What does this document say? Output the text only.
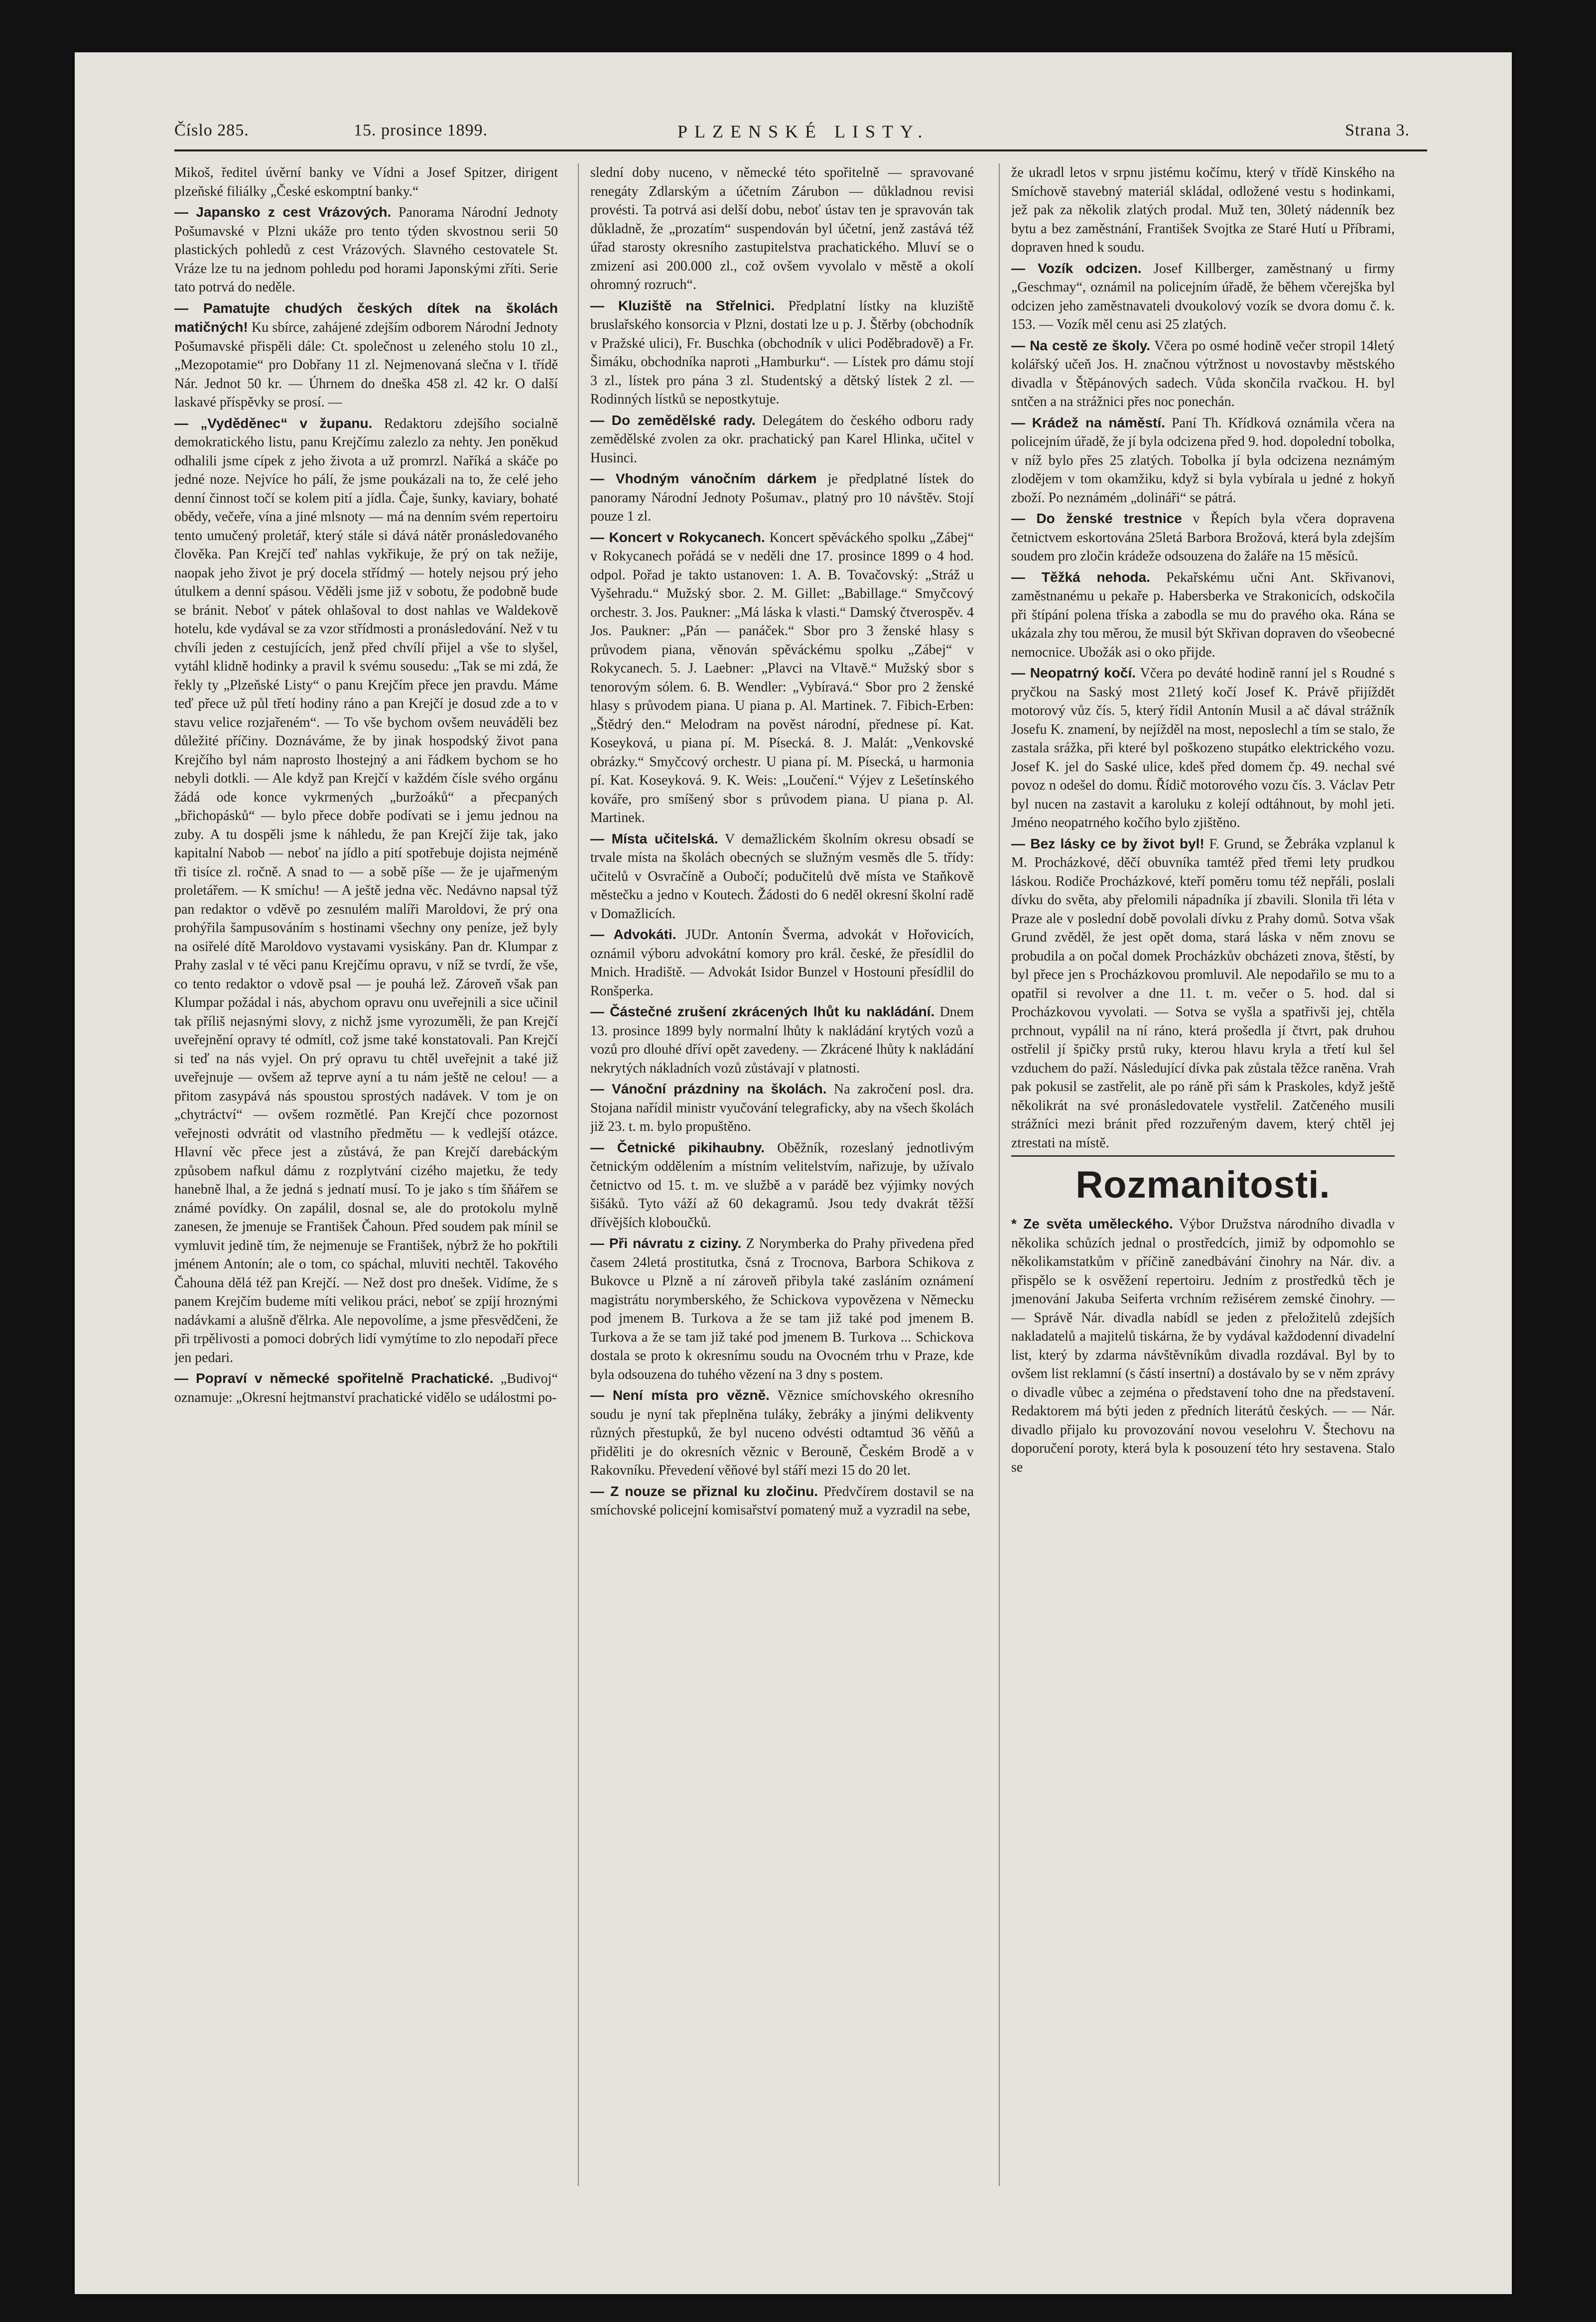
Číslo 285.	15. prosince 1899.	PLZENSKÉ LISTY.	Strana 3.

Mikoš, ředitel úvěrní banky ve Vídni a Josef Spitzer, dirigent plzeňské filiálky „České eskomptní banky.“

— Japansko z cest Vrázových. Panorama Národní Jednoty Pošumavské v Plzni ukáže pro tento týden skvostnou serii 50 plastických pohledů z cest Vrázových. Slavného cestovatele St. Vráze lze tu na jednom pohledu pod horami Japonskými zříti. Serie tato potrvá do neděle.

— Pamatujte chudých českých dítek na školách matičných! Ku sbírce, zahájené zdejším odborem Národní Jednoty Pošumavské přispěli dále: Ct. společnost u zeleného stolu 10 zl., „Mezopotamie“ pro Dobřany 11 zl. Nejmenovaná slečna v I. třídě Nár. Jednot 50 kr. — Úhrnem do dneška 458 zl. 42 kr. O další laskavé příspěvky se prosí. —

— „Vyděděnec“ v županu. Redaktoru zdejšího socialně demokratického listu, panu Krejčímu zalezlo za nehty. Jen poněkud odhalili jsme cípek z jeho života a už promrzl. Naříká a skáče po jedné noze. Nejvíce ho pálí, že jsme poukázali na to, že celé jeho denní činnost točí se kolem pití a jídla. Čaje, šunky, kaviary, bohaté obědy, večeře, vína a jiné mlsnoty — má na denním svém repertoiru tento umučený proletář, který stále si dává nátěr pronásledovaného člověka. Pan Krejčí teď nahlas vykřikuje, že prý on tak nežije, naopak jeho život je prý docela střídmý — hotely nejsou prý jeho útulkem a denní spásou. Věděli jsme již v sobotu, že podobně bude se bránit. Neboť v pátek ohlašoval to dost nahlas ve Waldekově hotelu, kde vydával se za vzor střídmosti a pronásledování. Než v tu chvíli jeden z cestujících, jenž před chvílí přijel a vše to slyšel, vytáhl klidně hodinky a pravil k svému sousedu: „Tak se mi zdá, že řekly ty „Plzeňské Listy“ o panu Krejčím přece jen pravdu. Máme teď přece už půl třetí hodiny ráno a pan Krejčí je dosud zde a to v stavu velice rozjařeném“. — To vše bychom ovšem neuváděli bez důležité příčiny. Doznáváme, že by jinak hospodský život pana Krejčího byl nám naprosto lhostejný a ani řádkem bychom se ho nebyli dotkli. — Ale když pan Krejčí v každém čísle svého orgánu žádá ode konce vykrmených „buržoáků“ a přecpaných „břichopásků“ — bylo přece dobře podívati se i jemu jednou na zuby. A tu dospěli jsme k náhledu, že pan Krejčí žije tak, jako kapitalní Nabob — neboť na jídlo a pití spotřebuje dojista nejméně tři tisíce zl. ročně. A snad to — a sobě píše — že je ujařmeným proletářem. — K smíchu! — A ještě jedna věc. Nedávno napsal týž pan redaktor o vděvě po zesnulém malíři Maroldovi, že prý ona prohýřila šampusováním s hostinami všechny ony peníze, jež byly na osiřelé dítě Maroldovo vystavami vysiskány. Pan dr. Klumpar z Prahy zaslal v té věci panu Krejčímu opravu, v níž se tvrdí, že vše, co tento redaktor o vdově psal — je pouhá lež. Zároveň však pan Klumpar požádal i nás, abychom opravu onu uveřejnili a sice učinil tak příliš nejasnými slovy, z nichž jsme vyrozuměli, že pan Krejčí uveřejnění opravy té odmítl, což jsme také konstatovali. Pan Krejčí si teď na nás vyjel. On prý opravu tu chtěl uveřejnit a také již uveřejnuje — ovšem až teprve ayní a tu nám ještě ne celou! — a přitom zasypává nás spoustou sprostých nadávek. V tom je on „chytráctví“ — ovšem rozmětlé. Pan Krejčí chce pozornost veřejnosti odvrátit od vlastního předmětu — k vedlejší otázce. Hlavní věc přece jest a zůstává, že pan Krejčí darebáckým způsobem nafkul dámu z rozplytvání cizého majetku, že tedy hanebně lhal, a že jedná s jednatí musí. To je jako s tím šňářem se známé povídky. On zapálil, dosnal se, ale do protokolu mylně zanesen, že jmenuje se František Čahoun. Před soudem pak mínil se vymluvit jedině tím, že nejmenuje se František, nýbrž že ho pokřtili jménem Antonín; ale o tom, co spáchal, mluviti nechtěl. Takového Čahouna dělá též pan Krejčí. — Než dost pro dnešek. Vidíme, že s panem Krejčím budeme míti velikou práci, neboť se zpíjí hroznými nadávkami a alušně ďělrka. Ale nepovolíme, a jsme přesvědčeni, že při trpělivosti a pomoci dobrých lidí vymýtíme to zlo nepodaří přece jen pedari.

— Popraví v německé spořitelně Prachatické. „Budivoj“ oznamuje: „Okresní hejtmanství prachatické vidělo se událostmi po-

slední doby nuceno, v německé této spořitelně — spravované renegáty Zdlarským a účetním Zárubon — důkladnou revisi provésti. Ta potrvá asi delší dobu, neboť ústav ten je spravován tak důkladně, že „prozatím“ suspendován byl účetní, jenž zastává též úřad starosty okresního zastupitelstva prachatického. Mluví se o zmizení asi 200.000 zl., což ovšem vyvolalo v městě a okolí ohromný rozruch“.

— Kluziště na Střelnici. Předplatní lístky na kluziště bruslařského konsorcia v Plzni, dostati lze u p. J. Štěrby (obchodník v Pražské ulici), Fr. Buschka (obchodník v ulici Poděbradově) a Fr. Šimáku, obchodníka naproti „Hamburku“. — Lístek pro dámu stojí 3 zl., lístek pro pána 3 zl. Studentský a dětský lístek 2 zl. — Rodinných lístků se nepostkytuje.

— Do zemědělské rady. Delegátem do českého odboru rady zemědělské zvolen za okr. prachatický pan Karel Hlinka, učitel v Husinci.

— Vhodným vánočním dárkem je předplatné lístek do panoramy Národní Jednoty Pošumav., platný pro 10 návštěv. Stojí pouze 1 zl.

— Koncert v Rokycanech. Koncert spěváckého spolku „Zábej“ v Rokycanech pořádá se v neděli dne 17. prosince 1899 o 4 hod. odpol. Pořad je takto ustanoven: 1. A. B. Tovačovský: „Stráž u Vyšehradu.“ Mužský sbor. 2. M. Gillet: „Babillage.“ Smyčcový orchestr. 3. Jos. Paukner: „Má láska k vlasti.“ Damský čtverospěv. 4 Jos. Paukner: „Pán — panáček.“ Sbor pro 3 ženské hlasy s průvodem piana, věnován spěváckému spolku „Zábej“ v Rokycanech. 5. J. Laebner: „Plavci na Vltavě.“ Mužský sbor s tenorovým sólem. 6. B. Wendler: „Vybíravá.“ Sbor pro 2 ženské hlasy s průvodem piana. U piana p. Al. Martinek. 7. Fibich-Erben: „Štědrý den.“ Melodram na pověst národní, přednese pí. Kat. Koseyková, u piana pí. M. Písecká. 8. J. Malát: „Venkovské obrázky.“ Smyčcový orchestr. U piana pí. M. Písecká, u harmonia pí. Kat. Koseyková. 9. K. Weis: „Loučení.“ Výjev z Lešetínského kováře, pro smíšený sbor s průvodem piana. U piana p. Al. Martinek.

— Místa učitelská. V demažlickém školním okresu obsadí se trvale místa na školách obecných se služným vesměs dle 5. třídy: učitelů v Osvračíně a Oubočí; podučitelů dvě místa ve Staňkově městečku a jedno v Koutech. Žádosti do 6 neděl okresní školní radě v Domažlicích.

— Advokáti. JUDr. Antonín Šverma, advokát v Hořovicích, oznámil výboru advokátní komory pro král. české, že přesídlil do Mnich. Hradiště. — Advokát Isidor Bunzel v Hostouni přesídlil do Ronšperka.

— Částečné zrušení zkrácených lhůt ku nakládání. Dnem 13. prosince 1899 byly normalní lhůty k nakládání krytých vozů a vozů pro dlouhé dříví opět zavedeny. — Zkrácené lhůty k nakládání nekrytých nákladních vozů zůstávají v platnosti.

— Vánoční prázdniny na školách. Na zakročení posl. dra. Stojana nařídil ministr vyučování telegraficky, aby na všech školách již 23. t. m. bylo propuštěno.

— Četnické pikihaubny. Oběžník, rozeslaný jednotlivým četnickým oddělením a místním velitelstvím, nařizuje, by užívalo četnictvo od 15. t. m. ve službě a v parádě bez výjimky nových šišáků. Tyto váží až 60 dekagramů. Jsou tedy dvakrát těžší dřívějších kloboučků.

— Při návratu z ciziny. Z Norymberka do Prahy přivedena před časem 24letá prostitutka, čsná z Trocnova, Barbora Schikova z Bukovce u Plzně a ní zároveň přibyla také zasláním oznámení magistrátu norymberského, že Schickova vypovězena v Německu pod jmenem B. Turkova a že se tam již také pod jmenem B. Turkova a že se tam již také pod jmenem B. Turkova ... Schickova dostala se proto k okresnímu soudu na Ovocném trhu v Praze, kde byla odsouzena do tuhého vězení na 3 dny s postem.

— Není místa pro vězně. Věznice smíchovského okresního soudu je nyní tak přeplněna tuláky, žebráky a jinými delikventy různých přestupků, že byl nuceno odvésti odtamtud 36 věňů a přiděliti je do okresních věznic v Berouně, Českém Brodě a v Rakovníku. Převedení věňové byl stáří mezi 15 do 20 let.

— Z nouze se přiznal ku zločinu. Předvčírem dostavil se na smíchovské policejní komisařství pomatený muž a vyzradil na sebe,

že ukradl letos v srpnu jistému kočímu, který v třídě Kinského na Smíchově stavebný materiál skládal, odložené vestu s hodinkami, jež pak za několik zlatých prodal. Muž ten, 30letý nádenník bez bytu a bez zaměstnání, František Svojtka ze Staré Hutí u Příbrami, dopraven hned k soudu.

— Vozík odcizen. Josef Killberger, zaměstnaný u firmy „Geschmay“, oznámil na policejním úřadě, že během včerejška byl odcizen jeho zaměstnavateli dvoukolový vozík se dvora domu č. k. 153. — Vozík měl cenu asi 25 zlatých.

— Na cestě ze školy. Včera po osmé hodině večer stropil 14letý kolářský učeň Jos. H. značnou výtržnost u novostavby městského divadla v Štěpánových sadech. Vůda skončila rvačkou. H. byl sntčen a na strážnici přes noc ponechán.

— Krádež na náměstí. Paní Th. Křídková oznámila včera na policejním úřadě, že jí byla odcizena před 9. hod. dopolední tobolka, v níž bylo přes 25 zlatých. Tobolka jí byla odcizena neznámým zlodějem v tom okamžiku, když si byla vybírala u jedné z hokyň zboží. Po neznámém „dolináři“ se pátrá.

— Do ženské trestnice v Řepích byla včera dopravena četnictvem eskortována 25letá Barbora Brožová, která byla zdejším soudem pro zločin krádeže odsouzena do žaláře na 15 měsíců.

— Těžká nehoda. Pekařskému učni Ant. Skřivanovi, zaměstnanému u pekaře p. Habersberka ve Strakonicích, odskočila při štípání polena tříska a zabodla se mu do pravého oka. Rána se ukázala zhy tou měrou, že musil být Skřivan dopraven do všeobecné nemocnice. Ubožák asi o oko přijde.

— Neopatrný kočí. Včera po deváté hodině ranní jel s Roudné s pryčkou na Saský most 21letý kočí Josef K. Právě přijíždět motorový vůz čís. 5, který řídil Antonín Musil a ač dával strážník Josefu K. znamení, by nejížděl na most, neposlechl a tím se stalo, že zastala srážka, při které byl poškozeno stupátko elektrického vozu. Josef K. jel do Saské ulice, kdeš před domem čp. 49. nechal své povoz n odešel do domu. Řídič motorového vozu čís. 3. Václav Petr byl nucen na zastavit a karoluku z kolejí odtáhnout, by mohl jeti. Jméno neopatrného kočího bylo zjištěno.

— Bez lásky ce by život byl! F. Grund, se Žebráka vzplanul k M. Procházkové, děčí obuvníka tamtéž před třemi lety prudkou láskou. Rodiče Procházkové, kteří poměru tomu též nepřáli, poslali dívku do světa, aby přelomili nápadníka jí zbavili. Slonila tři léta v Praze ale v poslední době povolali dívku z Prahy domů. Sotva však Grund zvěděl, že jest opět doma, stará láska v něm znovu se probudila a on počal domek Procházkův obcházeti znova, štěstí, by byl přece jen s Procházkovou promluvil. Ale nepodařilo se mu to a opatřil si revolver a dne 11. t. m. večer o 5. hod. dal si Procházkovou vyvolati. — Sotva se vyšla a spatřivši jej, chtěla prchnout, vypálil na ní ráno, která prošedla jí čtvrt, pak druhou ostřelil jí špičky prstů ruky, kterou hlavu kryla a třetí kul šel vzduchem do paží. Následující dívka pak zůstala těžce raněna. Vrah pak pokusil se zastřelit, ale po ráně při sám k Praskoles, když ještě několikrát na své pronásledovatele vystřelil. Zatčeného musili strážníci mezi bránit před rozzuřeným davem, který chtěl jej ztrestati na místě.

Rozmanitosti.

* Ze světa uměleckého. Výbor Družstva národního divadla v několika schůzích jednal o prostředcích, jimiž by odpomohlo se několikamstatkům v příčině zanedbávání činohry na Nár. div. a přispělo se k osvěžení repertoiru. Jedním z prostředků těch je jmenování Jakuba Seiferta vrchním režisérem zemské činohry. — — Správě Nár. divadla nabídl se jeden z přeložitelů zdejších nakladatelů a majitelů tiskárna, že by vydával každodenní divadelní list, který by zdarma návštěvníkům divadla rozdával. Byl by to ovšem list reklamní (s částí insertní) a dostávalo by se v něm zprávy o divadle vůbec a zejména o představení toho dne na představení. Redaktorem má býti jeden z předních literátů českých. — — Nár. divadlo přijalo ku provozování novou veselohru V. Štechovu na doporučení poroty, která byla k posouzení této hry sestavena. Stalo se
